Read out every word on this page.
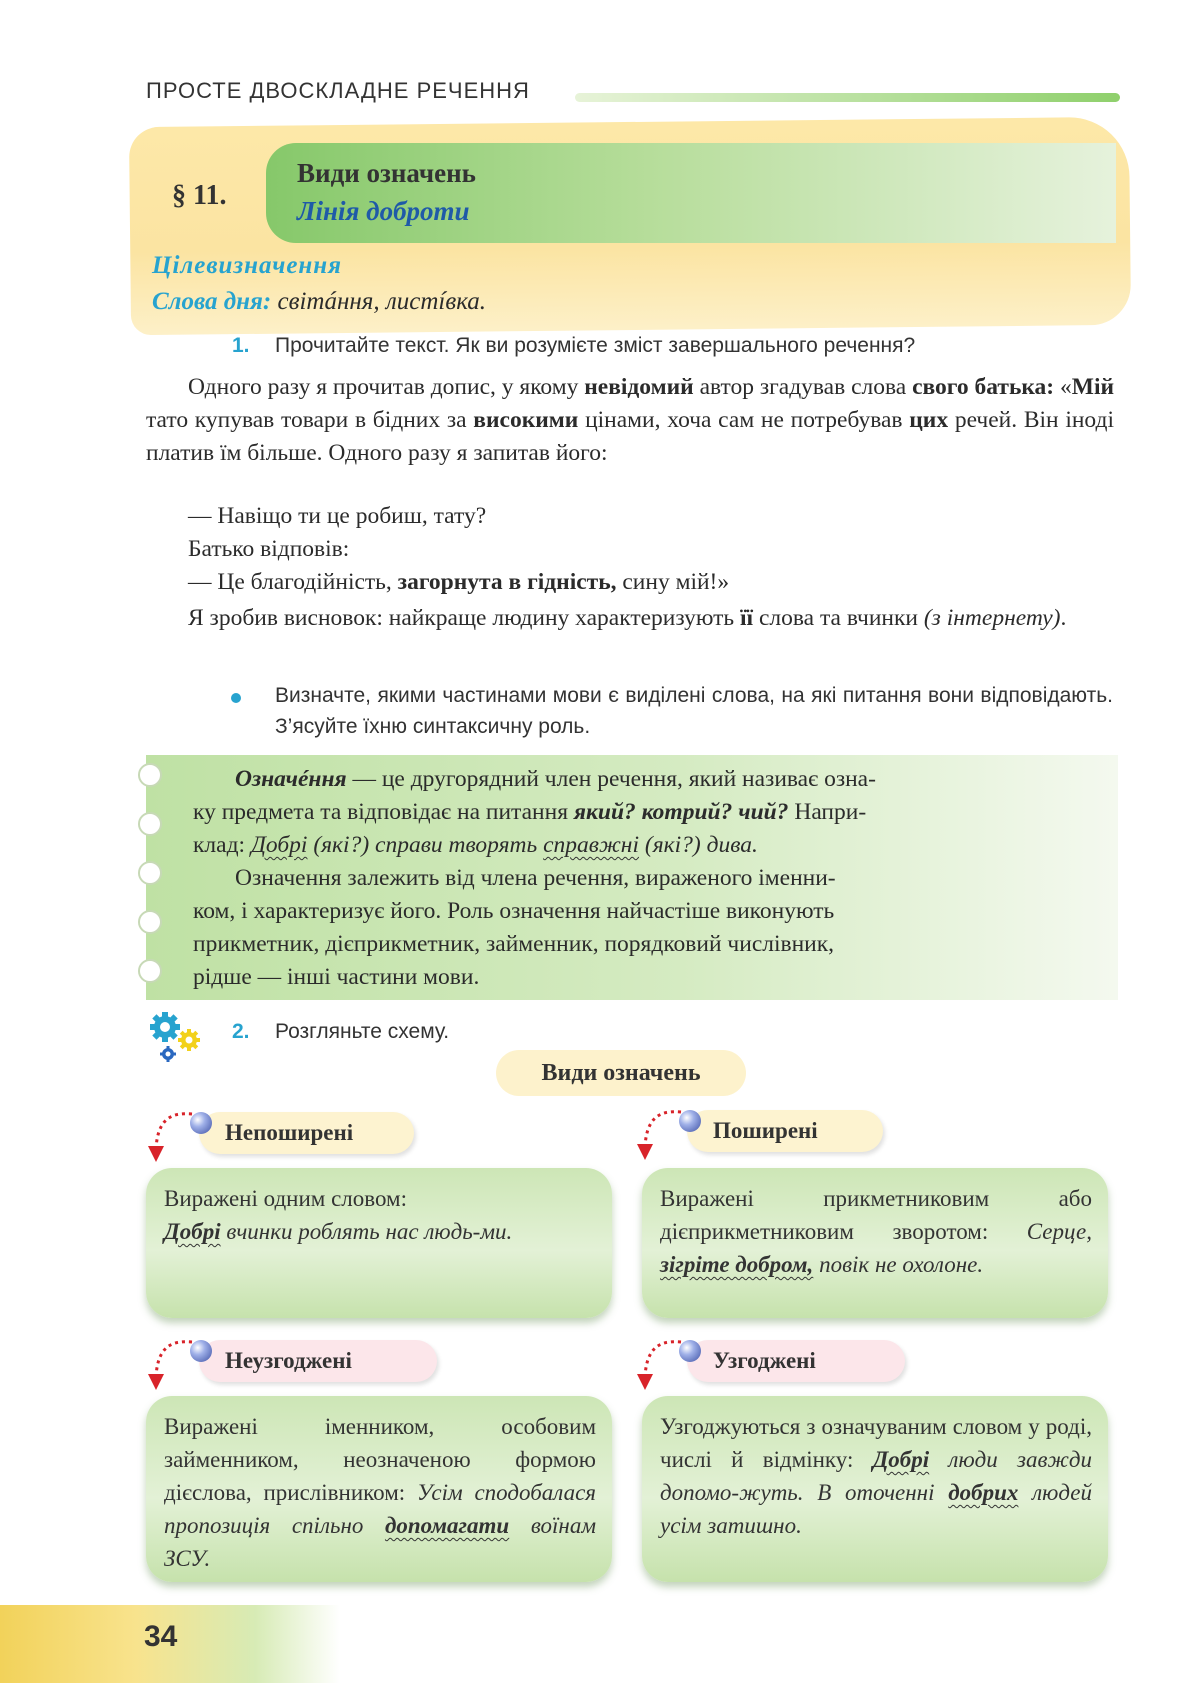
ПРОСТЕ ДВОСКЛАДНЕ РЕЧЕННЯ
§ 11.
Види означень
Лінія доброти
Цілевизначення
Слова дня: світáння, листíвка.
1. Прочитайте текст. Як ви розумієте зміст завершального речення?
Одного разу я прочитав допис, у якому невідомий автор згадував слова свого батька: «Мій тато купував товари в бідних за високими цінами, хоча сам не потребував цих речей. Він іноді платив їм більше. Одного разу я запитав його:
— Навіщо ти це робиш, тату?
Батько відповів:
— Це благодійність, загорнута в гідність, сину мій!»
Я зробив висновок: найкраще людину характеризують її слова та вчинки (з інтернету).
Визначте, якими частинами мови є виділені слова, на які питання вони відповідають. З’ясуйте їхню синтаксичну роль.
Означéння — це другорядний член речення, який називає озна-
ку предмета та відповідає на питання який? котрий? чий? Напри-
клад: Добрі (які?) справи творять справжні (які?) дива.
Означення залежить від члена речення, вираженого іменни-
ком, і характеризує його. Роль означення найчастіше виконують
прикметник, дієприкметник, займенник, порядковий числівник,
рідше — інші частини мови.
2. Розгляньте схему.
Види означень
Непоширені
Виражені одним словом:
Добрі вчинки роблять нас людь-ми.
Поширені
Виражені прикметниковим або дієприкметниковим зворотом: Серце, зігріте добром, повік не охолоне.
Неузгоджені
Виражені іменником, особовим займенником, неозначеною формою дієслова, прислівником: Усім сподобалася пропозиція спільно допомагати воїнам ЗСУ.
Узгоджені
Узгоджуються з означуваним словом у роді, числі й відмінку: Добрі люди завжди допомо-жуть. В оточенні добрих людей усім затишно.
34
